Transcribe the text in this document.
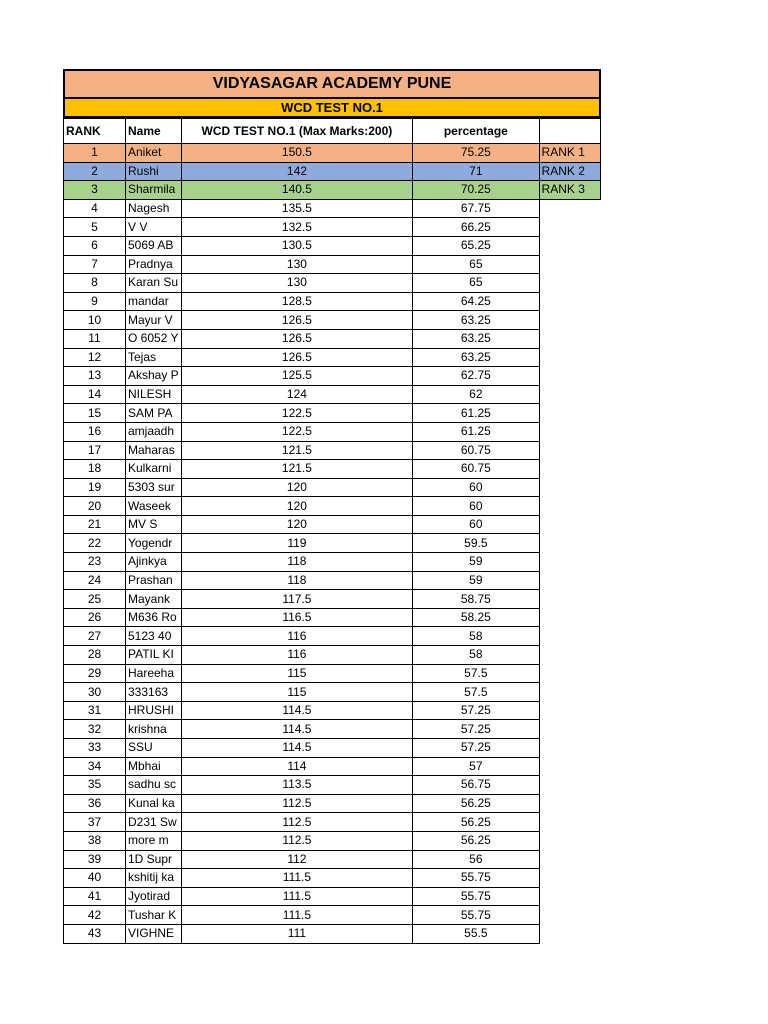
VIDYASAGAR ACADEMY PUNE
WCD TEST NO.1
RANK	Name	WCD TEST NO.1 (Max Marks:200)	percentage	
1	Aniket	150.5	75.25	RANK 1
2	Rushi	142	71	RANK 2
3	Sharmila	140.5	70.25	RANK 3
4	Nagesh	135.5	67.75	
5	V V	132.5	66.25	
6	5069 AB	130.5	65.25	
7	Pradnya	130	65	
8	Karan Su	130	65	
9	mandar	128.5	64.25	
10	Mayur V	126.5	63.25	
11	O 6052 Y	126.5	63.25	
12	Tejas	126.5	63.25	
13	Akshay P	125.5	62.75	
14	NILESH	124	62	
15	SAM PA	122.5	61.25	
16	amjaadh	122.5	61.25	
17	Maharas	121.5	60.75	
18	Kulkarni	121.5	60.75	
19	5303 sur	120	60	
20	Waseek	120	60	
21	MV S	120	60	
22	Yogendr	119	59.5	
23	Ajinkya	118	59	
24	Prashan	118	59	
25	Mayank	117.5	58.75	
26	M636 Ro	116.5	58.25	
27	5123 40	116	58	
28	PATIL KI	116	58	
29	Hareeha	115	57.5	
30	333163	115	57.5	
31	HRUSHI	114.5	57.25	
32	krishna	114.5	57.25	
33	SSU	114.5	57.25	
34	Mbhai	114	57	
35	sadhu sc	113.5	56.75	
36	Kunal ka	112.5	56.25	
37	D231 Sw	112.5	56.25	
38	more m	112.5	56.25	
39	1D Supr	112	56	
40	kshitij ka	111.5	55.75	
41	Jyotirad	111.5	55.75	
42	Tushar K	111.5	55.75	
43	VIGHNE	111	55.5	
